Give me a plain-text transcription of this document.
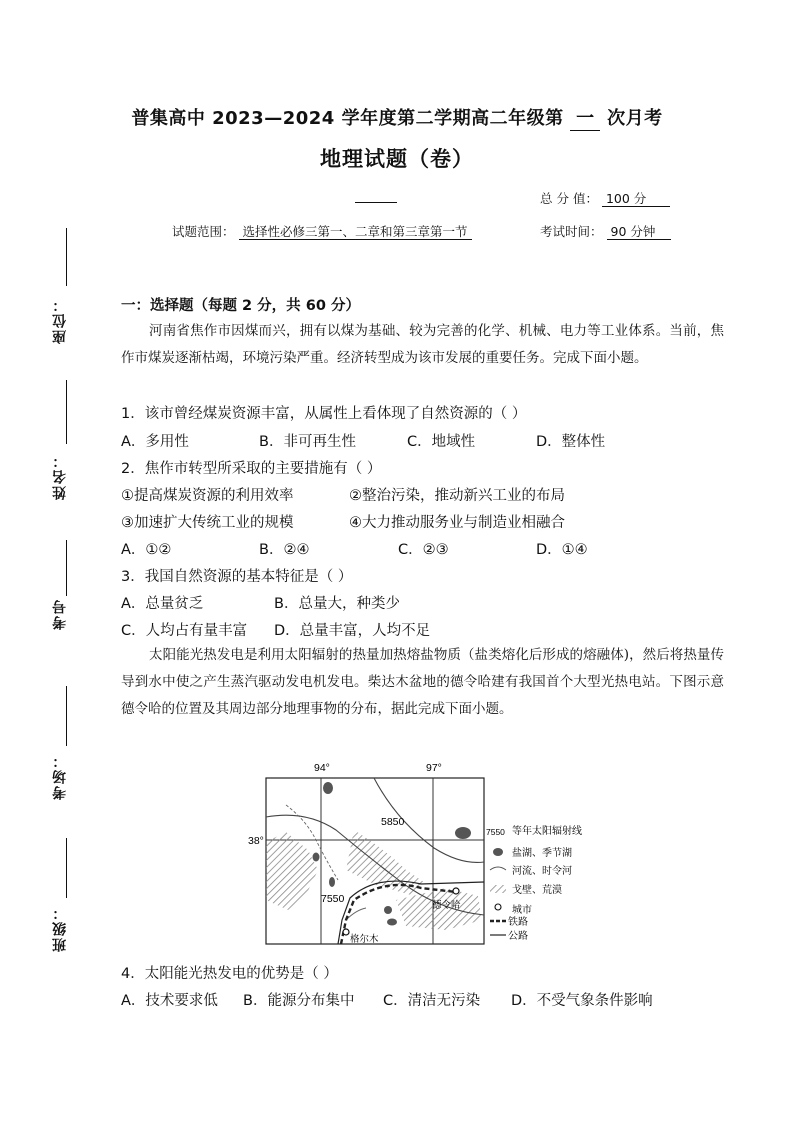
普集高中 2023—2024 学年度第二学期高二年级第 一 次月考
地理试题（卷）
总 分 值： 100 分
试题范围： 选择性必修三第一、二章和第三章第一节	考试时间： 90 分钟
座位：
姓名：
考号
考场：
班级：
一：选择题（每题 2 分，共 60 分）
河南省焦作市因煤而兴，拥有以煤为基础、较为完善的化学、机械、电力等工业体系。当前，焦作市煤炭逐渐枯竭，环境污染严重。经济转型成为该市发展的重要任务。完成下面小题。
1．该市曾经煤炭资源丰富，从属性上看体现了自然资源的（ ）
A．多用性	B．非可再生性	C．地域性	D．整体性
2．焦作市转型所采取的主要措施有（ ）
①提高煤炭资源的利用效率	②整治污染，推动新兴工业的布局
③加速扩大传统工业的规模	④大力推动服务业与制造业相融合
A．①②	B．②④	C．②③	D．①④
3．我国自然资源的基本特征是（ ）
A．总量贫乏	B．总量大，种类少
C．人均占有量丰富 D．总量丰富，人均不足
太阳能光热发电是利用太阳辐射的热量加热熔盐物质（盐类熔化后形成的熔融体)，然后将热量传导到水中使之产生蒸汽驱动发电机发电。柴达木盆地的德令哈建有我国首个大型光热电站。下图示意德令哈的位置及其周边部分地理事物的分布，据此完成下面小题。
94°	97°
38°
5850
7550
德令哈
格尔木
7550 等年太阳辐射线
盐湖、季节湖
河流、时令河
戈壁、荒漠
城市
铁路
公路
4．太阳能光热发电的优势是（ ）
A．技术要求低 B．能源分布集中 C．清洁无污染 D．不受气象条件影响
